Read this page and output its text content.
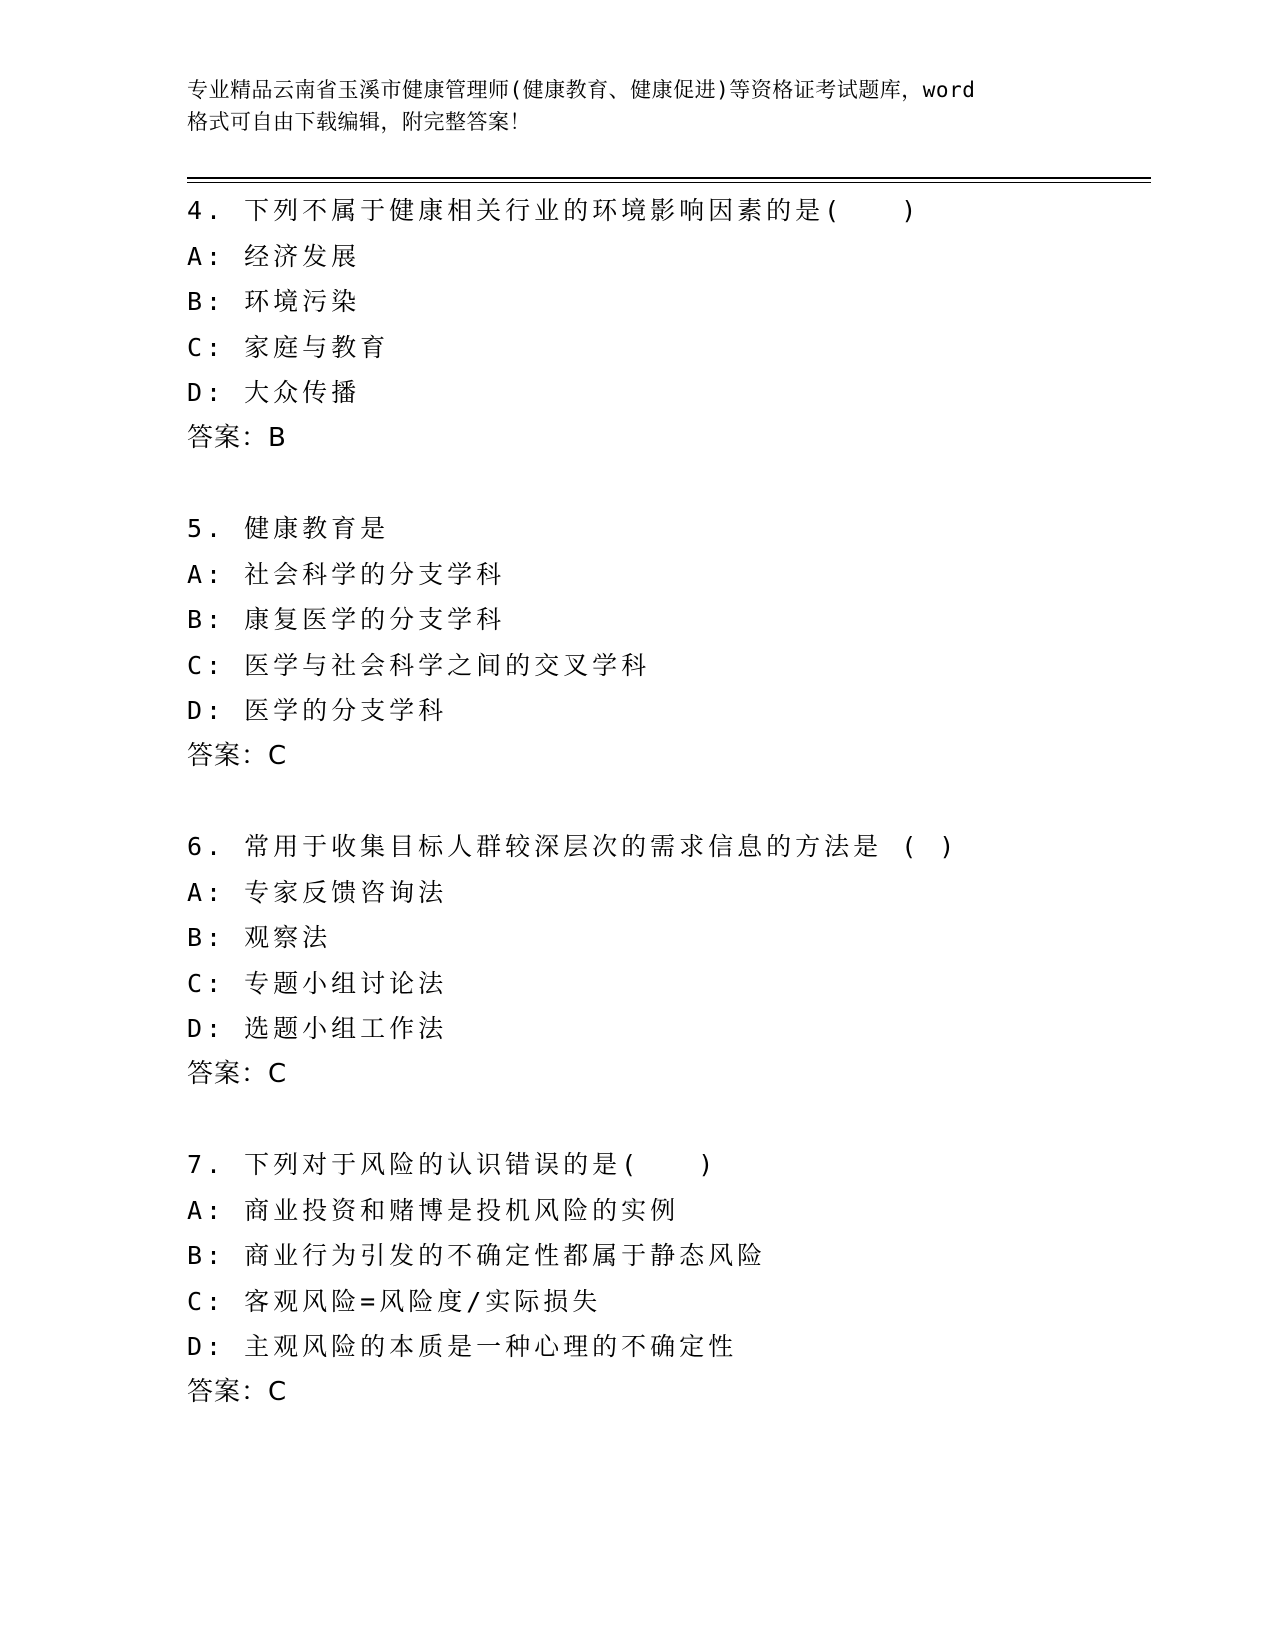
专业精品云南省玉溪市健康管理师(健康教育、健康促进)等资格证考试题库，word
格式可自由下载编辑，附完整答案！
4. 下列不属于健康相关行业的环境影响因素的是(　　)
A: 经济发展
B: 环境污染
C: 家庭与教育
D: 大众传播
答案：B
5. 健康教育是
A: 社会科学的分支学科
B: 康复医学的分支学科
C: 医学与社会科学之间的交叉学科
D: 医学的分支学科
答案：C
6. 常用于收集目标人群较深层次的需求信息的方法是 ( )
A: 专家反馈咨询法
B: 观察法
C: 专题小组讨论法
D: 选题小组工作法
答案：C
7. 下列对于风险的认识错误的是(　　)
A: 商业投资和赌博是投机风险的实例
B: 商业行为引发的不确定性都属于静态风险
C: 客观风险=风险度/实际损失
D: 主观风险的本质是一种心理的不确定性
答案：C
